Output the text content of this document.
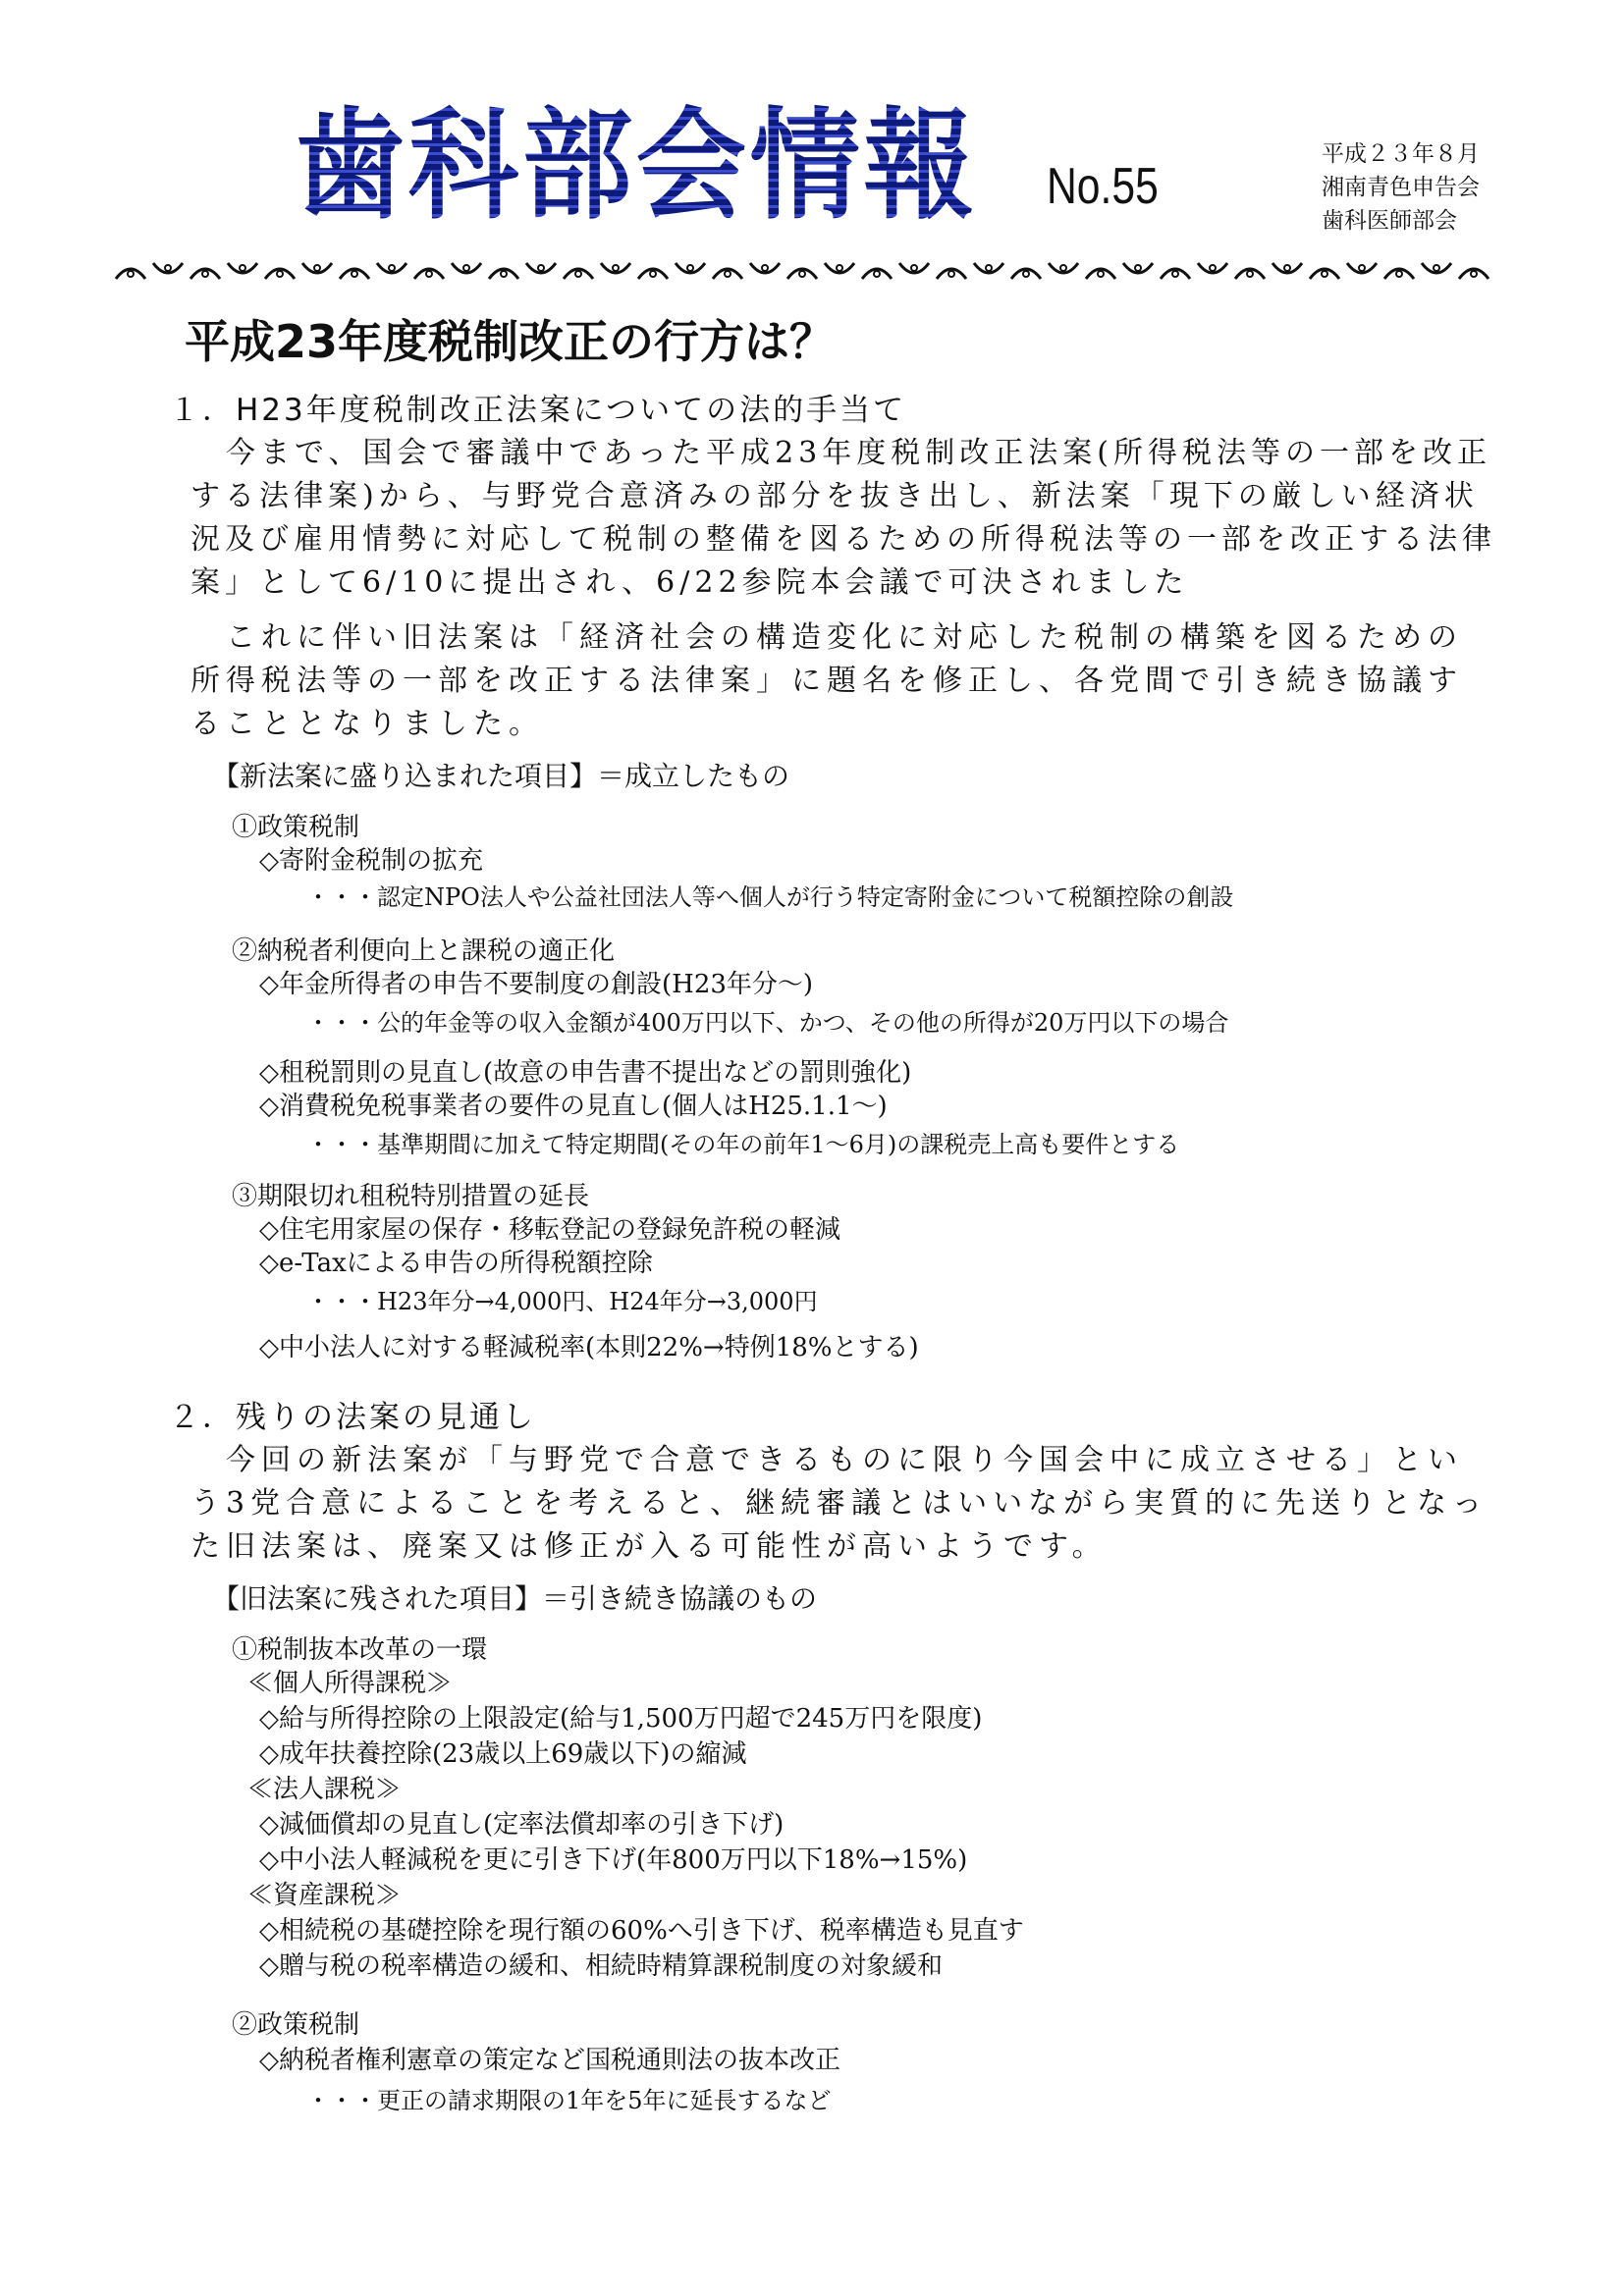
歯科部会情報 No.55
平成２３年８月
湘南青色申告会
歯科医師部会
平成23年度税制改正の行方は？
１．H23年度税制改正法案についての法的手当て
今まで、国会で審議中であった平成23年度税制改正法案(所得税法等の一部を改正する法律案)から、与野党合意済みの部分を抜き出し、新法案「現下の厳しい経済状況及び雇用情勢に対応して税制の整備を図るための所得税法等の一部を改正する法律案」として6/10に提出され、6/22参院本会議で可決されました
これに伴い旧法案は「経済社会の構造変化に対応した税制の構築を図るための所得税法等の一部を改正する法律案」に題名を修正し、各党間で引き続き協議することとなりました。
【新法案に盛り込まれた項目】＝成立したもの
①政策税制
◇寄附金税制の拡充
・・・認定NPO法人や公益社団法人等へ個人が行う特定寄附金について税額控除の創設
②納税者利便向上と課税の適正化
◇年金所得者の申告不要制度の創設(H23年分～)
・・・公的年金等の収入金額が400万円以下、かつ、その他の所得が20万円以下の場合
◇租税罰則の見直し(故意の申告書不提出などの罰則強化)
◇消費税免税事業者の要件の見直し(個人はH25.1.1～)
・・・基準期間に加えて特定期間(その年の前年1～6月)の課税売上高も要件とする
③期限切れ租税特別措置の延長
◇住宅用家屋の保存・移転登記の登録免許税の軽減
◇e-Taxによる申告の所得税額控除
・・・H23年分→4,000円、H24年分→3,000円
◇中小法人に対する軽減税率(本則22%→特例18%とする)
２．残りの法案の見通し
今回の新法案が「与野党で合意できるものに限り今国会中に成立させる」という3党合意によることを考えると、継続審議とはいいながら実質的に先送りとなった旧法案は、廃案又は修正が入る可能性が高いようです。
【旧法案に残された項目】＝引き続き協議のもの
①税制抜本改革の一環
≪個人所得課税≫
◇給与所得控除の上限設定(給与1,500万円超で245万円を限度)
◇成年扶養控除(23歳以上69歳以下)の縮減
≪法人課税≫
◇減価償却の見直し(定率法償却率の引き下げ)
◇中小法人軽減税を更に引き下げ(年800万円以下18%→15%)
≪資産課税≫
◇相続税の基礎控除を現行額の60%へ引き下げ、税率構造も見直す
◇贈与税の税率構造の緩和、相続時精算課税制度の対象緩和
②政策税制
◇納税者権利憲章の策定など国税通則法の抜本改正
・・・更正の請求期限の1年を5年に延長するなど
